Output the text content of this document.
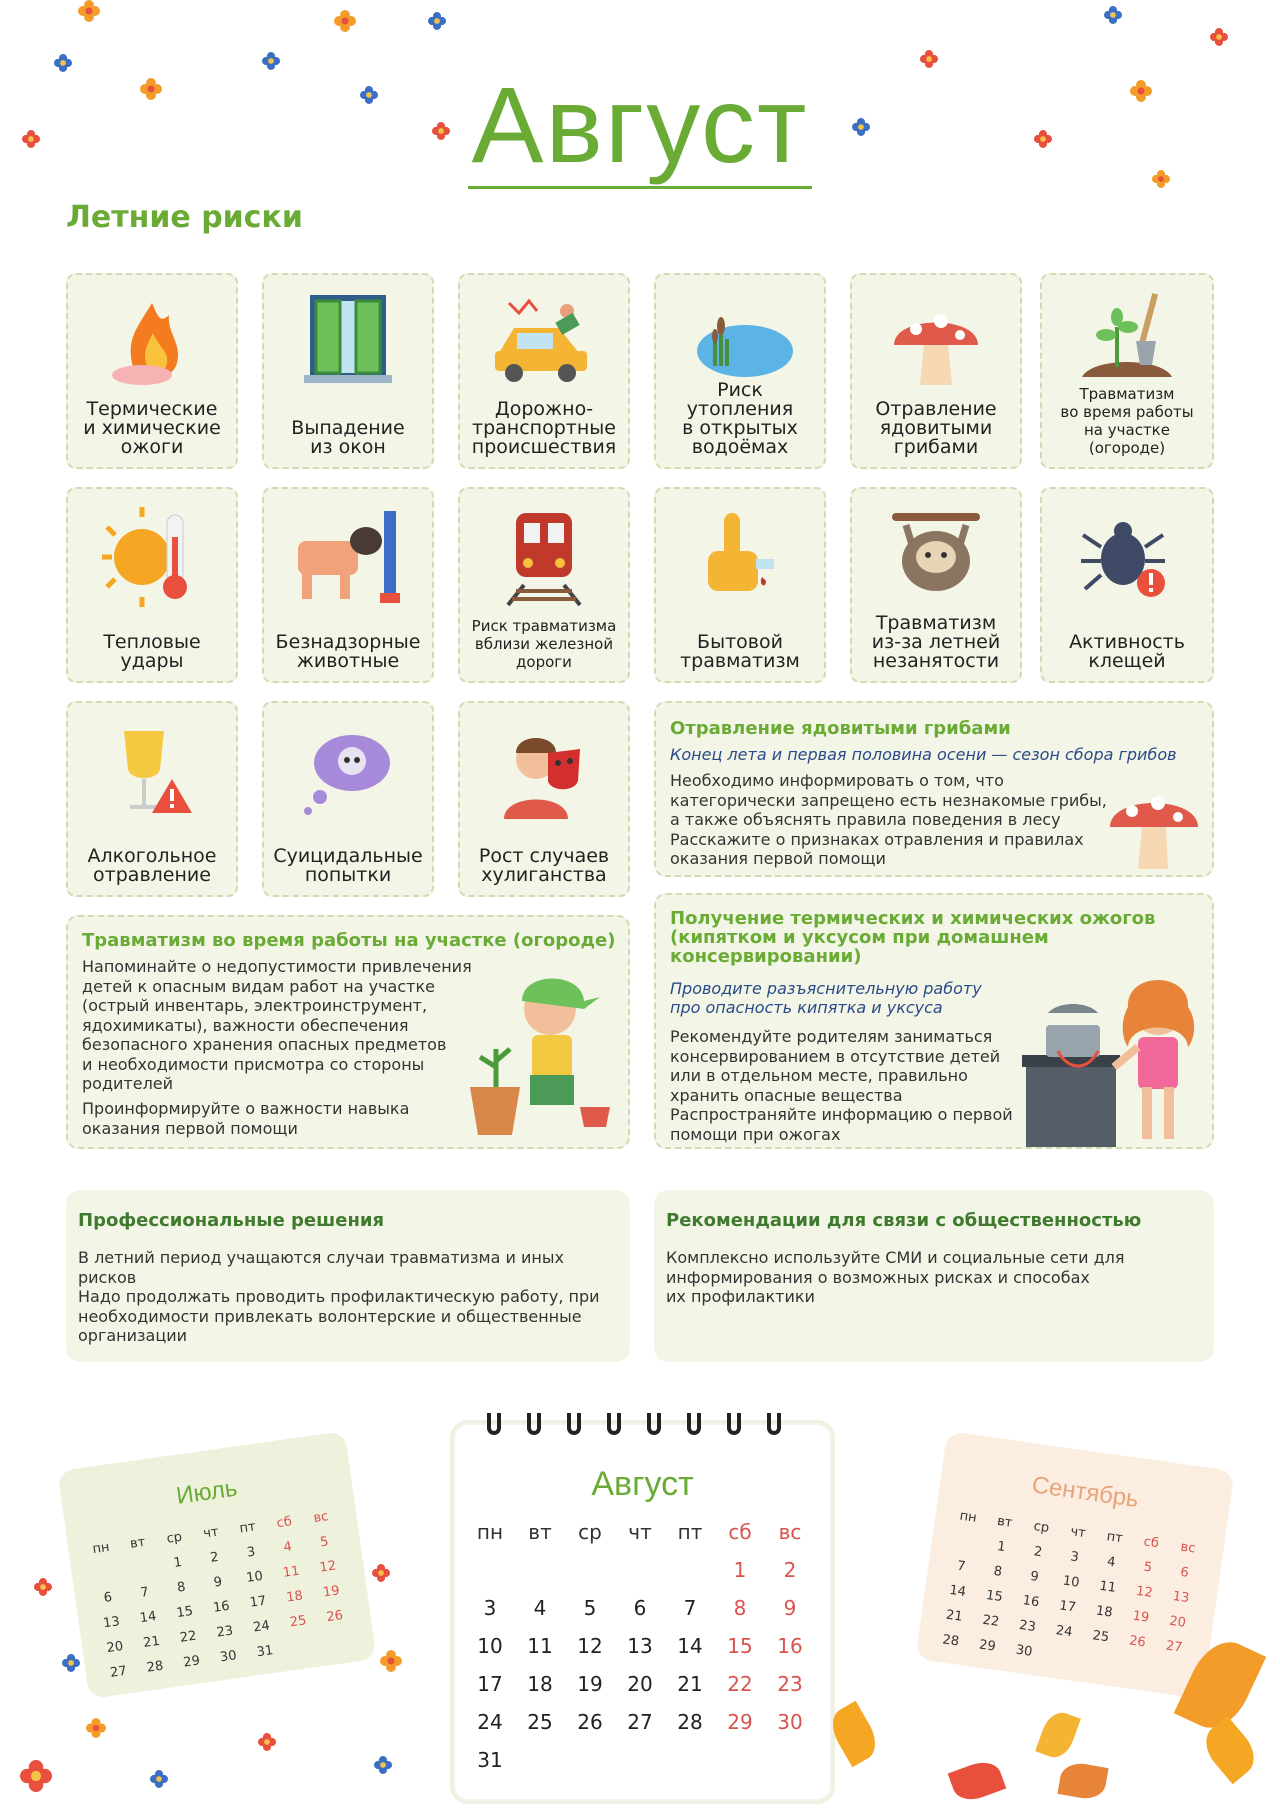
Август
Летние риски
Термические
и химические
ожоги
Выпадение
из окон
Дорожно-
транспортные
происшествия
Риск утопления
в открытых
водоёмах
Отравление
ядовитыми
грибами
Травматизм
во время работы
на участке (огороде)
Тепловые
удары
Безнадзорные
животные
Риск травматизма
вблизи железной
дороги
Бытовой
травматизм
Травматизм
из-за летней
незанятости
Активность
клещей
Алкогольное
отравление
Суицидальные
попытки
Рост случаев
хулиганства
Отравление ядовитыми грибами
Конец лета и первая половина осени — сезон сбора грибов
Необходимо информировать о том, что
категорически запрещено есть незнакомые грибы,
а также объяснять правила поведения в лесу
Расскажите о признаках отравления и правилах
оказания первой помощи
Травматизм во время работы на участке (огороде)
Напоминайте о недопустимости привлечения
детей к опасным видам работ на участке
(острый инвентарь, электроинструмент,
ядохимикаты), важности обеспечения
безопасного хранения опасных предметов
и необходимости присмотра со стороны
родителей
Проинформируйте о важности навыка
оказания первой помощи
Получение термических и химических ожогов
(кипятком и уксусом при домашнем
консервировании)
Проводите разъяснительную работу
про опасность кипятка и уксуса
Рекомендуйте родителям заниматься
консервированием в отсутствие детей
или в отдельном месте, правильно
хранить опасные вещества
Распространяйте информацию о первой
помощи при ожогах
Профессиональные решения
В летний период учащаются случаи травматизма и иных
рисков
Надо продолжать проводить профилактическую работу, при
необходимости привлекать волонтерские и общественные
организации
Рекомендации для связи с общественностью
Комплексно используйте СМИ и социальные сети для
информирования о возможных рисках и способах
их профилактики
Июль
пн	вт	ср	чт	пт	сб	вс
		1	2	3	4	5
6	7	8	9	10	11	12
13	14	15	16	17	18	19
20	21	22	23	24	25	26
27	28	29	30	31		
Август
пн	вт	ср	чт	пт	сб	вс
					1	2
3	4	5	6	7	8	9
10	11	12	13	14	15	16
17	18	19	20	21	22	23
24	25	26	27	28	29	30
31						
Сентябрь
пн	вт	ср	чт	пт	сб	вс
	1	2	3	4	5	6
7	8	9	10	11	12	13
14	15	16	17	18	19	20
21	22	23	24	25	26	27
28	29	30				
